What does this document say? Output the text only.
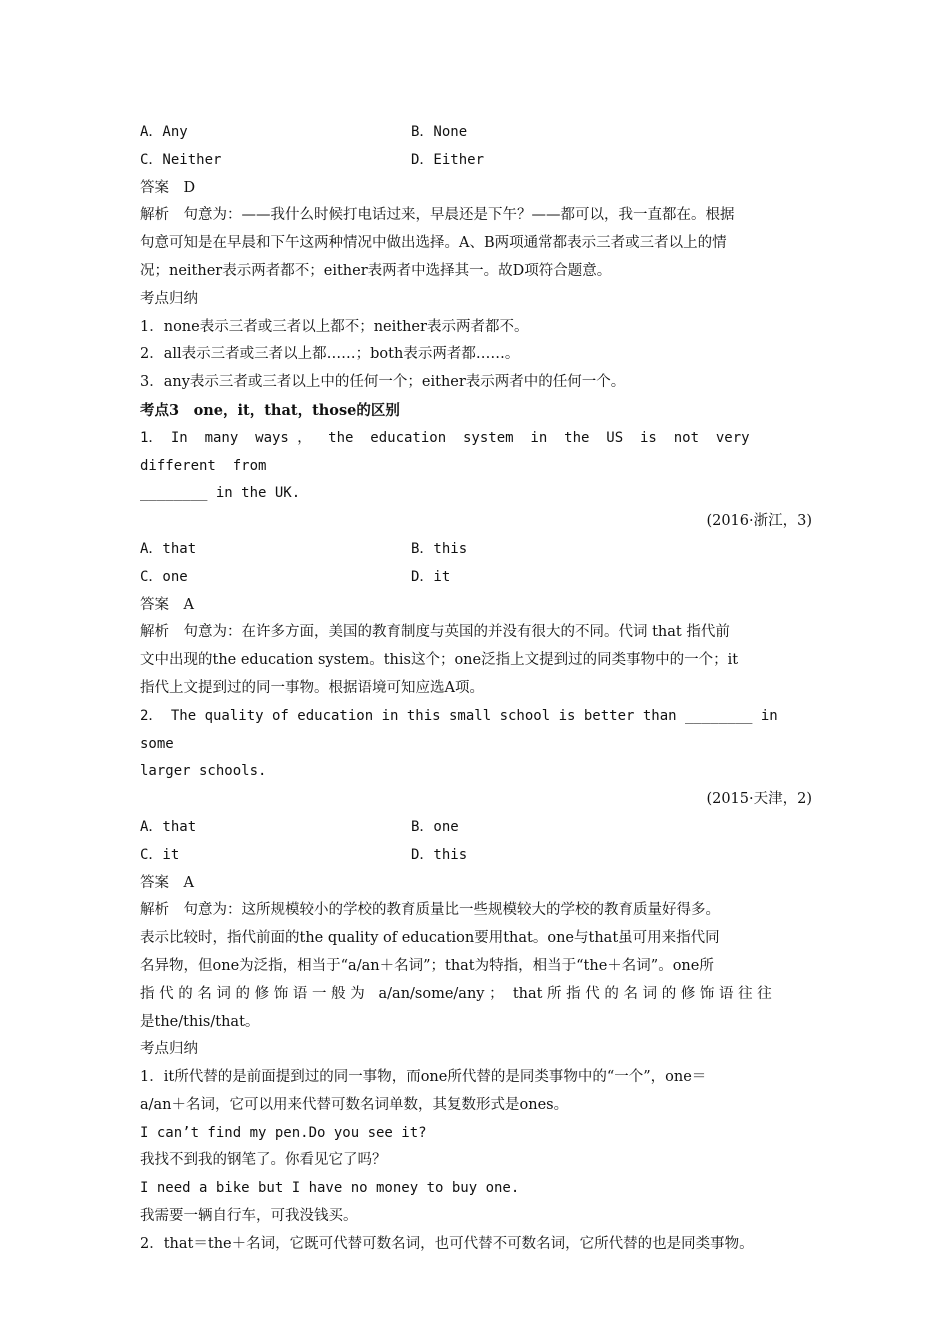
A．Any	B．None
C．Neither	D．Either
答案　D
解析　句意为：——我什么时候打电话过来，早晨还是下午？——都可以，我一直都在。根据
句意可知是在早晨和下午这两种情况中做出选择。A、B两项通常都表示三者或三者以上的情
况；neither表示两者都不；either表两者中选择其一。故D项符合题意。
考点归纳
1．none表示三者或三者以上都不；neither表示两者都不。
2．all表示三者或三者以上都……；both表示两者都……。
3．any表示三者或三者以上中的任何一个；either表示两者中的任何一个。
考点3　one，it，that，those的区别
1． In  many  ways ，  the  education  system  in  the  US  is  not  very  different  from
________ in the UK.
(2016·浙江，3)
A．that	B．this
C．one	D．it
答案　A
解析　句意为：在许多方面，美国的教育制度与英国的并没有很大的不同。代词 that 指代前
文中出现的the education system。this这个；one泛指上文提到过的同类事物中的一个；it
指代上文提到过的同一事物。根据语境可知应选A项。
2． The quality of education in this small school is better than ________ in some
larger schools.
(2015·天津，2)
A．that	B．one
C．it	D．this
答案　A
解析　句意为：这所规模较小的学校的教育质量比一些规模较大的学校的教育质量好得多。
表示比较时，指代前面的the quality of education要用that。one与that虽可用来指代同
名异物，但one为泛指，相当于“a/an＋名词”；that为特指，相当于“the＋名词”。one所
指 代 的 名 词 的 修 饰 语 一 般 为   a/an/some/any ；  that 所 指 代 的 名 词 的 修 饰 语 往 往
是the/this/that。
考点归纳
1．it所代替的是前面提到过的同一事物，而one所代替的是同类事物中的“一个”，one＝
a/an＋名词，它可以用来代替可数名词单数，其复数形式是ones。
I can’t find my pen.Do you see it?
我找不到我的钢笔了。你看见它了吗？
I need a bike but I have no money to buy one.
我需要一辆自行车，可我没钱买。
2．that＝the＋名词，它既可代替可数名词，也可代替不可数名词，它所代替的也是同类事物。
